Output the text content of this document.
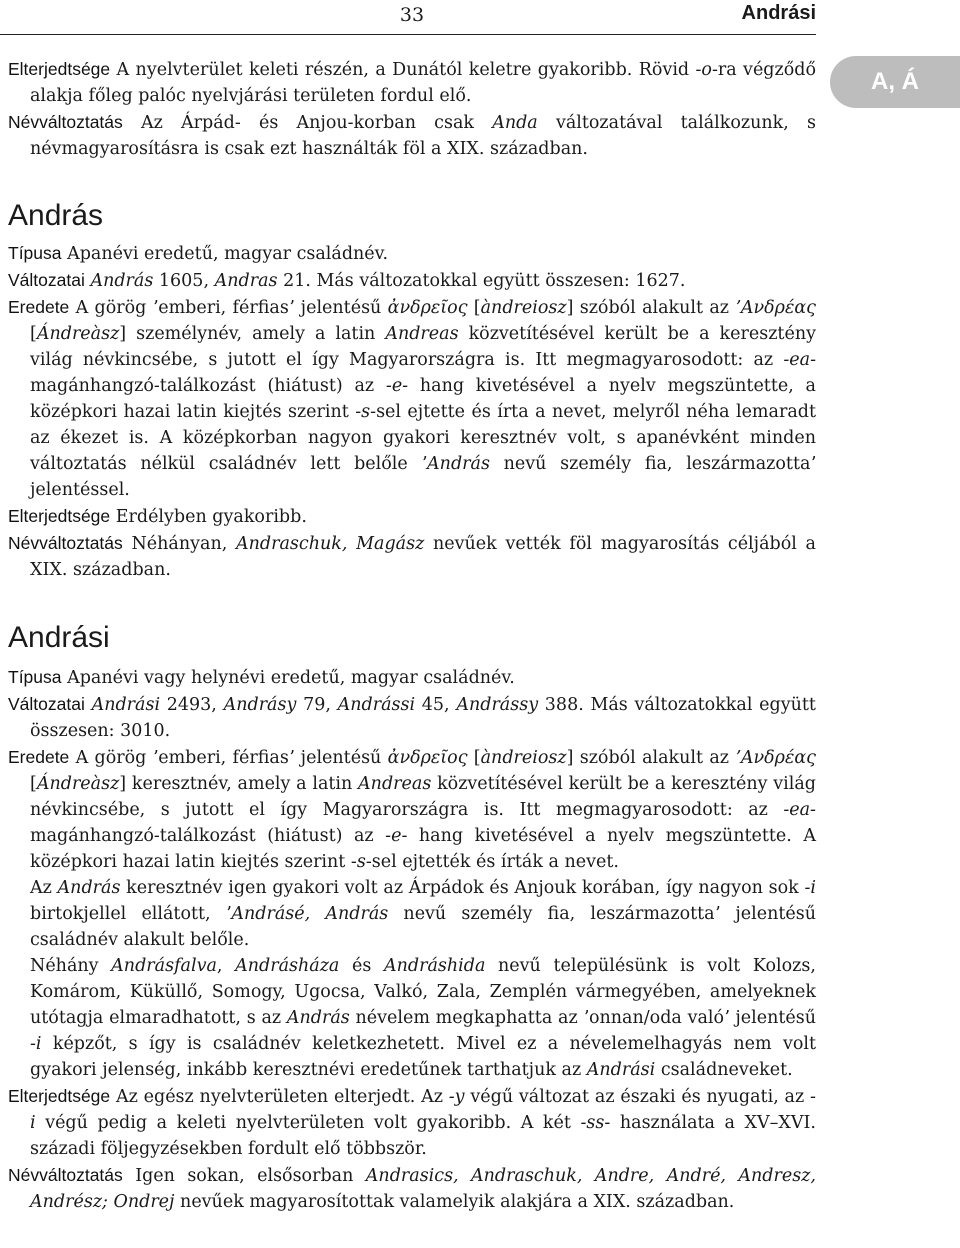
33	Andrási
A, Á

Elterjedtsége A nyelvterület keleti részén, a Dunától keletre gyakoribb. Rövid -o-ra végződő alakja főleg palóc nyelvjárási területen fordul elő.

Névváltoztatás Az Árpád- és Anjou-korban csak Anda változatával találkozunk, s névmagyarosításra is csak ezt használták föl a XIX. században.

András

Típusa Apanévi eredetű, magyar családnév.

Változatai András 1605, Andras 21. Más változatokkal együtt összesen: 1627.

Eredete A görög ʼemberi, férfiasʼ jelentésű ἀνδρεῖος [àndreiosz] szóból alakult az ʼΑνδρέας [Ándreàsz] személynév, amely a latin Andreas közvetítésével került be a keresztény világ névkincsébe, s jutott el így Magyarországra is. Itt megmagyarosodott: az -ea- magánhangzó-találkozást (hiátust) az -e- hang kivetésével a nyelv megszüntette, a középkori hazai latin kiejtés szerint -s-sel ejtette és írta a nevet, melyről néha lemaradt az ékezet is. A középkorban nagyon gyakori keresztnév volt, s apanévként minden változtatás nélkül családnév lett belőle ʼAndrás nevű személy fia, leszármazottaʼ jelentéssel.

Elterjedtsége Erdélyben gyakoribb.

Névváltoztatás Néhányan, Andraschuk, Magász nevűek vették föl magyarosítás céljából a XIX. században.

Andrási

Típusa Apanévi vagy helynévi eredetű, magyar családnév.

Változatai Andrási 2493, Andrásy 79, Andrássi 45, Andrássy 388. Más változatokkal együtt összesen: 3010.

Eredete A görög ʼemberi, férfiasʼ jelentésű ἀνδρεῖος [àndreiosz] szóból alakult az ʼΑνδρέας [Ándreàsz] keresztnév, amely a latin Andreas közvetítésével került be a keresztény világ névkincsébe, s jutott el így Magyarországra is. Itt megmagyarosodott: az -ea- magánhangzó-találkozást (hiátust) az -e- hang kivetésével a nyelv megszüntette. A középkori hazai latin kiejtés szerint -s-sel ejtették és írták a nevet.

Az András keresztnév igen gyakori volt az Árpádok és Anjouk korában, így nagyon sok -i birtokjellel ellátott, ʼAndrásé, András nevű személy fia, leszármazottaʼ jelentésű családnév alakult belőle.

Néhány Andrásfalva, Andrásháza és Andráshida nevű településünk is volt Kolozs, Komárom, Küküllő, Somogy, Ugocsa, Valkó, Zala, Zemplén vármegyében, amelyeknek utótagja elmaradhatott, s az András névelem megkaphatta az ʼonnan/oda valóʼ jelentésű -i képzőt, s így is családnév keletkezhetett. Mivel ez a névelemelhagyás nem volt gyakori jelenség, inkább keresztnévi eredetűnek tarthatjuk az Andrási családneveket.

Elterjedtsége Az egész nyelvterületen elterjedt. Az -y végű változat az északi és nyugati, az -i végű pedig a keleti nyelvterületen volt gyakoribb. A két -ss- használata a XV–XVI. századi följegyzésekben fordult elő többször.

Névváltoztatás Igen sokan, elsősorban Andrasics, Andraschuk, Andre, André, Andresz, Andrész; Ondrej nevűek magyarosítottak valamelyik alakjára a XIX. században.
